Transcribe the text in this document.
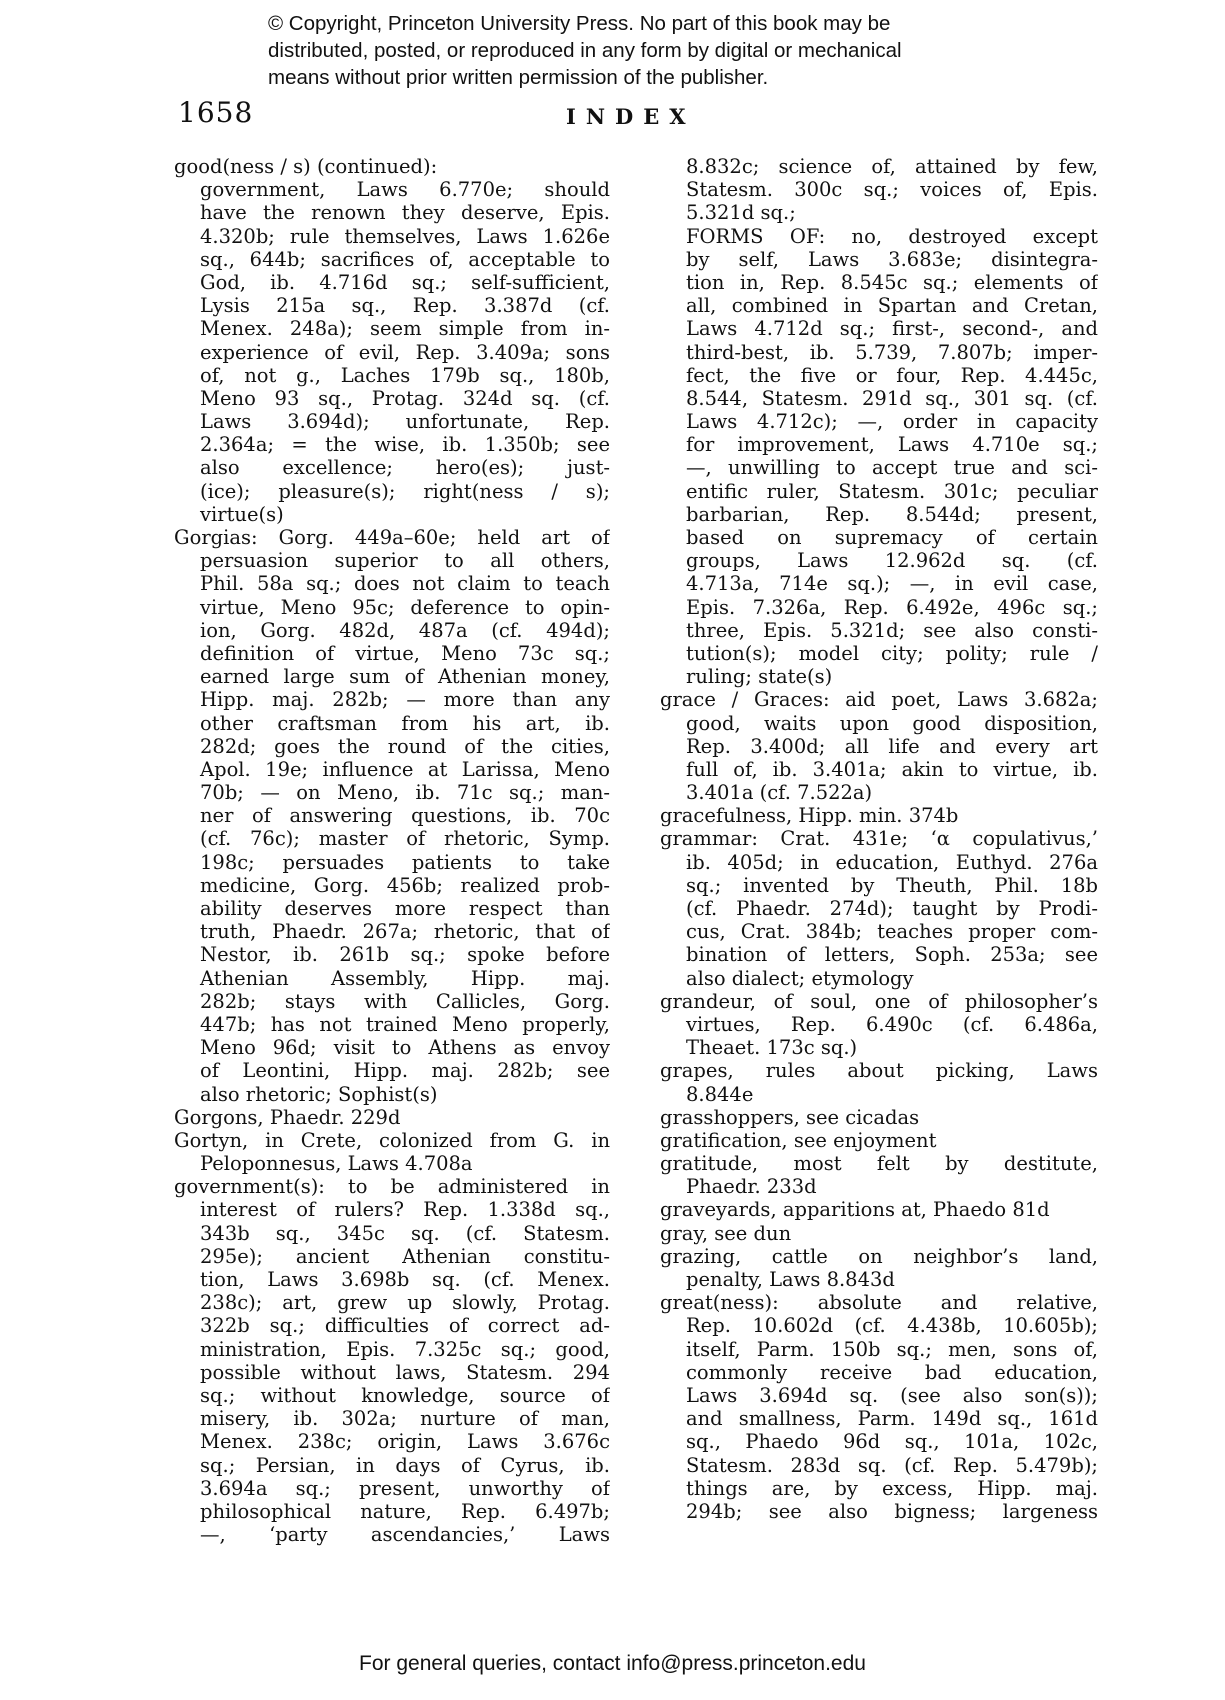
© Copyright, Princeton University Press. No part of this book may be
distributed, posted, or reproduced in any form by digital or mechanical
means without prior written permission of the publisher.
1658	INDEX
good(ness / s) (continued):
government, Laws 6.770e; should
have the renown they deserve, Epis.
4.320b; rule themselves, Laws 1.626e
sq., 644b; sacrifices of, acceptable to
God, ib. 4.716d sq.; self-sufficient,
Lysis 215a sq., Rep. 3.387d (cf.
Menex. 248a); seem simple from in-
experience of evil, Rep. 3.409a; sons
of, not g., Laches 179b sq., 180b,
Meno 93 sq., Protag. 324d sq. (cf.
Laws 3.694d); unfortunate, Rep.
2.364a; = the wise, ib. 1.350b; see
also excellence; hero(es); just-
(ice); pleasure(s); right(ness / s);
virtue(s)
Gorgias: Gorg. 449a–60e; held art of
persuasion superior to all others,
Phil. 58a sq.; does not claim to teach
virtue, Meno 95c; deference to opin-
ion, Gorg. 482d, 487a (cf. 494d);
definition of virtue, Meno 73c sq.;
earned large sum of Athenian money,
Hipp. maj. 282b; — more than any
other craftsman from his art, ib.
282d; goes the round of the cities,
Apol. 19e; influence at Larissa, Meno
70b; — on Meno, ib. 71c sq.; man-
ner of answering questions, ib. 70c
(cf. 76c); master of rhetoric, Symp.
198c; persuades patients to take
medicine, Gorg. 456b; realized prob-
ability deserves more respect than
truth, Phaedr. 267a; rhetoric, that of
Nestor, ib. 261b sq.; spoke before
Athenian Assembly, Hipp. maj.
282b; stays with Callicles, Gorg.
447b; has not trained Meno properly,
Meno 96d; visit to Athens as envoy
of Leontini, Hipp. maj. 282b; see
also rhetoric; Sophist(s)
Gorgons, Phaedr. 229d
Gortyn, in Crete, colonized from G. in
Peloponnesus, Laws 4.708a
government(s): to be administered in
interest of rulers? Rep. 1.338d sq.,
343b sq., 345c sq. (cf. Statesm.
295e); ancient Athenian constitu-
tion, Laws 3.698b sq. (cf. Menex.
238c); art, grew up slowly, Protag.
322b sq.; difficulties of correct ad-
ministration, Epis. 7.325c sq.; good,
possible without laws, Statesm. 294
sq.; without knowledge, source of
misery, ib. 302a; nurture of man,
Menex. 238c; origin, Laws 3.676c
sq.; Persian, in days of Cyrus, ib.
3.694a sq.; present, unworthy of
philosophical nature, Rep. 6.497b;
—, ‘party ascendancies,’ Laws
8.832c; science of, attained by few,
Statesm. 300c sq.; voices of, Epis.
5.321d sq.;
FORMS OF: no, destroyed except
by self, Laws 3.683e; disintegra-
tion in, Rep. 8.545c sq.; elements of
all, combined in Spartan and Cretan,
Laws 4.712d sq.; first-, second-, and
third-best, ib. 5.739, 7.807b; imper-
fect, the five or four, Rep. 4.445c,
8.544, Statesm. 291d sq., 301 sq. (cf.
Laws 4.712c); —, order in capacity
for improvement, Laws 4.710e sq.;
—, unwilling to accept true and sci-
entific ruler, Statesm. 301c; peculiar
barbarian, Rep. 8.544d; present,
based on supremacy of certain
groups, Laws 12.962d sq. (cf.
4.713a, 714e sq.); —, in evil case,
Epis. 7.326a, Rep. 6.492e, 496c sq.;
three, Epis. 5.321d; see also consti-
tution(s); model city; polity; rule /
ruling; state(s)
grace / Graces: aid poet, Laws 3.682a;
good, waits upon good disposition,
Rep. 3.400d; all life and every art
full of, ib. 3.401a; akin to virtue, ib.
3.401a (cf. 7.522a)
gracefulness, Hipp. min. 374b
grammar: Crat. 431e; ‘α copulativus,’
ib. 405d; in education, Euthyd. 276a
sq.; invented by Theuth, Phil. 18b
(cf. Phaedr. 274d); taught by Prodi-
cus, Crat. 384b; teaches proper com-
bination of letters, Soph. 253a; see
also dialect; etymology
grandeur, of soul, one of philosopher’s
virtues, Rep. 6.490c (cf. 6.486a,
Theaet. 173c sq.)
grapes, rules about picking, Laws
8.844e
grasshoppers, see cicadas
gratification, see enjoyment
gratitude, most felt by destitute,
Phaedr. 233d
graveyards, apparitions at, Phaedo 81d
gray, see dun
grazing, cattle on neighbor’s land,
penalty, Laws 8.843d
great(ness): absolute and relative,
Rep. 10.602d (cf. 4.438b, 10.605b);
itself, Parm. 150b sq.; men, sons of,
commonly receive bad education,
Laws 3.694d sq. (see also son(s));
and smallness, Parm. 149d sq., 161d
sq., Phaedo 96d sq., 101a, 102c,
Statesm. 283d sq. (cf. Rep. 5.479b);
things are, by excess, Hipp. maj.
294b; see also bigness; largeness
For general queries, contact info@press.princeton.edu
